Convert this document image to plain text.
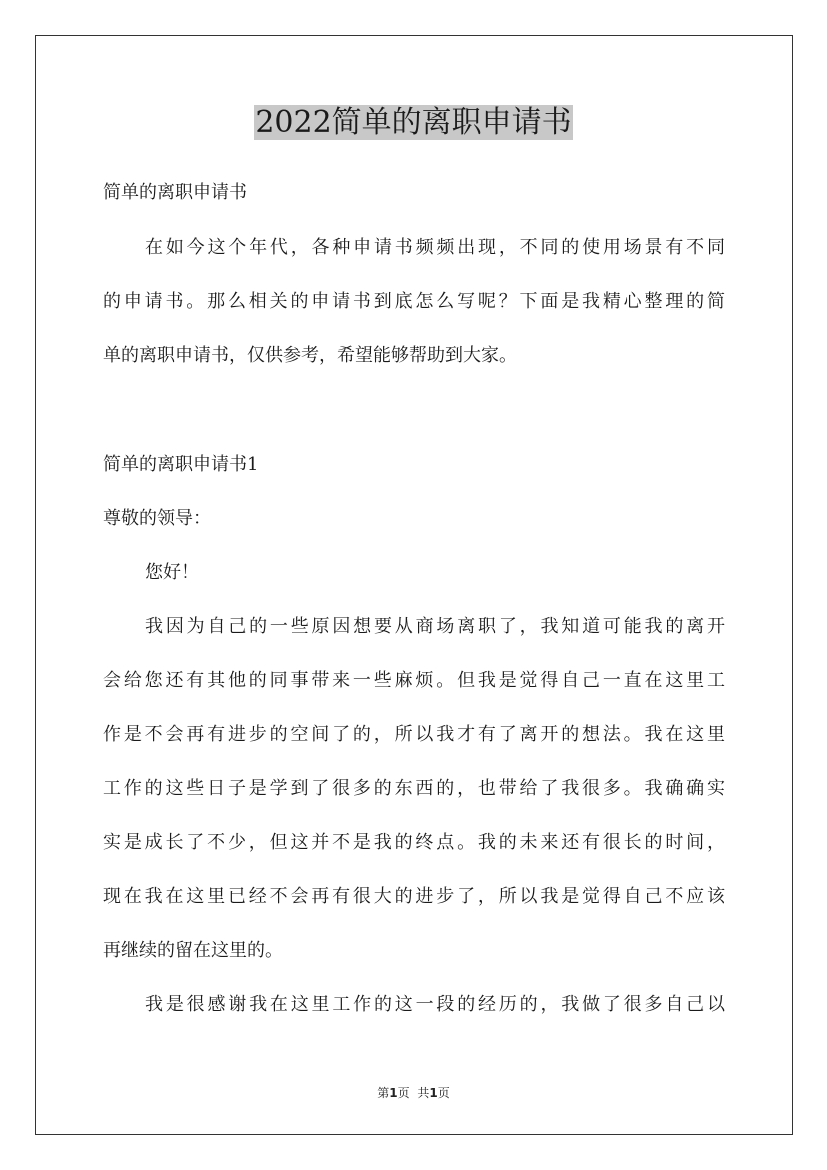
2022简单的离职申请书
简单的离职申请书
在如今这个年代，各种申请书频频出现，不同的使用场景有不同
的申请书。那么相关的申请书到底怎么写呢？下面是我精心整理的简
单的离职申请书，仅供参考，希望能够帮助到大家。
简单的离职申请书1
尊敬的领导：
您好！
我因为自己的一些原因想要从商场离职了，我知道可能我的离开
会给您还有其他的同事带来一些麻烦。但我是觉得自己一直在这里工
作是不会再有进步的空间了的，所以我才有了离开的想法。我在这里
工作的这些日子是学到了很多的东西的，也带给了我很多。我确确实
实是成长了不少，但这并不是我的终点。我的未来还有很长的时间，
现在我在这里已经不会再有很大的进步了，所以我是觉得自己不应该
再继续的留在这里的。
我是很感谢我在这里工作的这一段的经历的，我做了很多自己以
第1页 共1页
